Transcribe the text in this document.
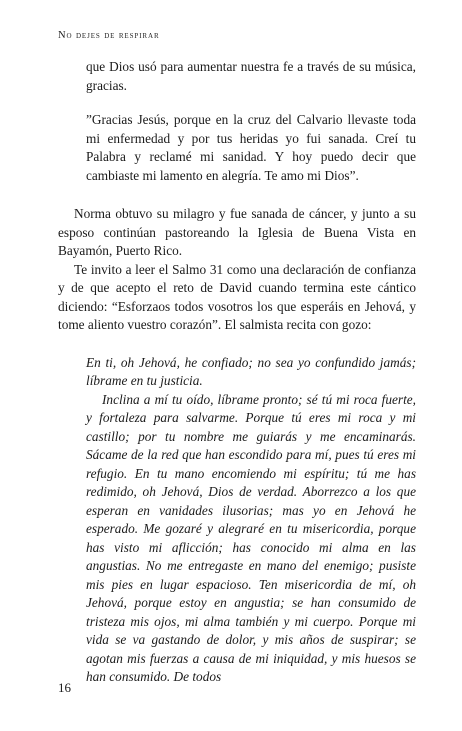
No dejes de respirar

que Dios usó para aumentar nuestra fe a través de su música, gracias.

”Gracias Jesús, porque en la cruz del Calvario llevaste toda mi enfermedad y por tus heridas yo fui sanada. Creí tu Palabra y reclamé mi sanidad. Y hoy puedo decir que cambiaste mi lamento en alegría. Te amo mi Dios”.

Norma obtuvo su milagro y fue sanada de cáncer, y junto a su esposo continúan pastoreando la Iglesia de Buena Vista en Bayamón, Puerto Rico.

Te invito a leer el Salmo 31 como una declaración de confianza y de que acepto el reto de David cuando termina este cántico diciendo: “Esforzaos todos vosotros los que esperáis en Jehová, y tome aliento vuestro corazón”. El salmista recita con gozo:

En ti, oh Jehová, he confiado; no sea yo confundido jamás; líbrame en tu justicia.

Inclina a mí tu oído, líbrame pronto; sé tú mi roca fuerte, y fortaleza para salvarme. Porque tú eres mi roca y mi castillo; por tu nombre me guiarás y me encaminarás. Sácame de la red que han escondido para mí, pues tú eres mi refugio. En tu mano encomiendo mi espíritu; tú me has redimido, oh Jehová, Dios de verdad. Aborrezco a los que esperan en vanidades ilusorias; mas yo en Jehová he esperado. Me gozaré y alegraré en tu misericordia, porque has visto mi aflicción; has conocido mi alma en las angustias. No me entregaste en mano del enemigo; pusiste mis pies en lugar espacioso. Ten misericordia de mí, oh Jehová, porque estoy en angustia; se han consumido de tristeza mis ojos, mi alma también y mi cuerpo. Porque mi vida se va gastando de dolor, y mis años de suspirar; se agotan mis fuerzas a causa de mi iniquidad, y mis huesos se han consumido. De todos

16
